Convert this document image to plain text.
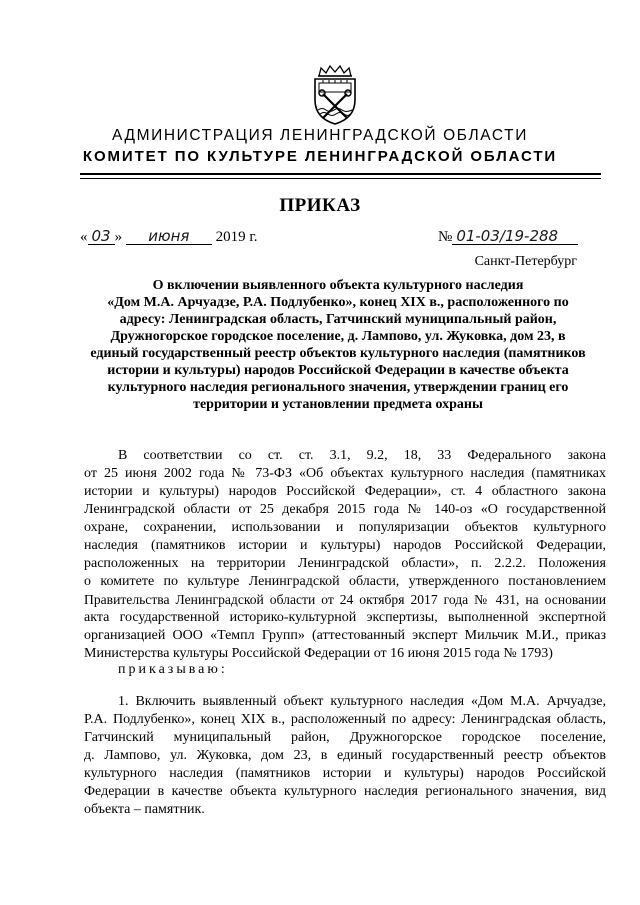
АДМИНИСТРАЦИЯ ЛЕНИНГРАДСКОЙ ОБЛАСТИ
КОМИТЕТ ПО КУЛЬТУРЕ ЛЕНИНГРАДСКОЙ ОБЛАСТИ
ПРИКАЗ
« 03 » июня 2019 г.	№ 01-03/19-288
Санкт-Петербург
О включении выявленного объекта культурного наследия
«Дом М.А. Арчуадзе, Р.А. Подлубенко», конец XIX в., расположенного по
адресу: Ленинградская область, Гатчинский муниципальный район,
Дружногорское городское поселение, д. Лампово, ул. Жуковка, дом 23, в
единый государственный реестр объектов культурного наследия (памятников
истории и культуры) народов Российской Федерации в качестве объекта
культурного наследия регионального значения, утверждении границ его
территории и установлении предмета охраны
В соответствии со ст. ст. 3.1, 9.2, 18, 33 Федерального закона
от 25 июня 2002 года № 73-ФЗ «Об объектах культурного наследия (памятниках
истории и культуры) народов Российской Федерации», ст. 4 областного закона
Ленинградской области от 25 декабря 2015 года № 140-оз «О государственной
охране, сохранении, использовании и популяризации объектов культурного
наследия (памятников истории и культуры) народов Российской Федерации,
расположенных на территории Ленинградской области», п. 2.2.2. Положения
о комитете по культуре Ленинградской области, утвержденного постановлением
Правительства Ленинградской области от 24 октября 2017 года № 431, на основании
акта государственной историко-культурной экспертизы, выполненной экспертной
организацией ООО «Темпл Групп» (аттестованный эксперт Мильчик М.И., приказ
Министерства культуры Российской Федерации от 16 июня 2015 года № 1793)
приказываю:
1. Включить выявленный объект культурного наследия «Дом М.А. Арчуадзе,
Р.А. Подлубенко», конец XIX в., расположенный по адресу: Ленинградская область,
Гатчинский муниципальный район, Дружногорское городское поселение,
д. Лампово, ул. Жуковка, дом 23, в единый государственный реестр объектов
культурного наследия (памятников истории и культуры) народов Российской
Федерации в качестве объекта культурного наследия регионального значения, вид
объекта – памятник.
